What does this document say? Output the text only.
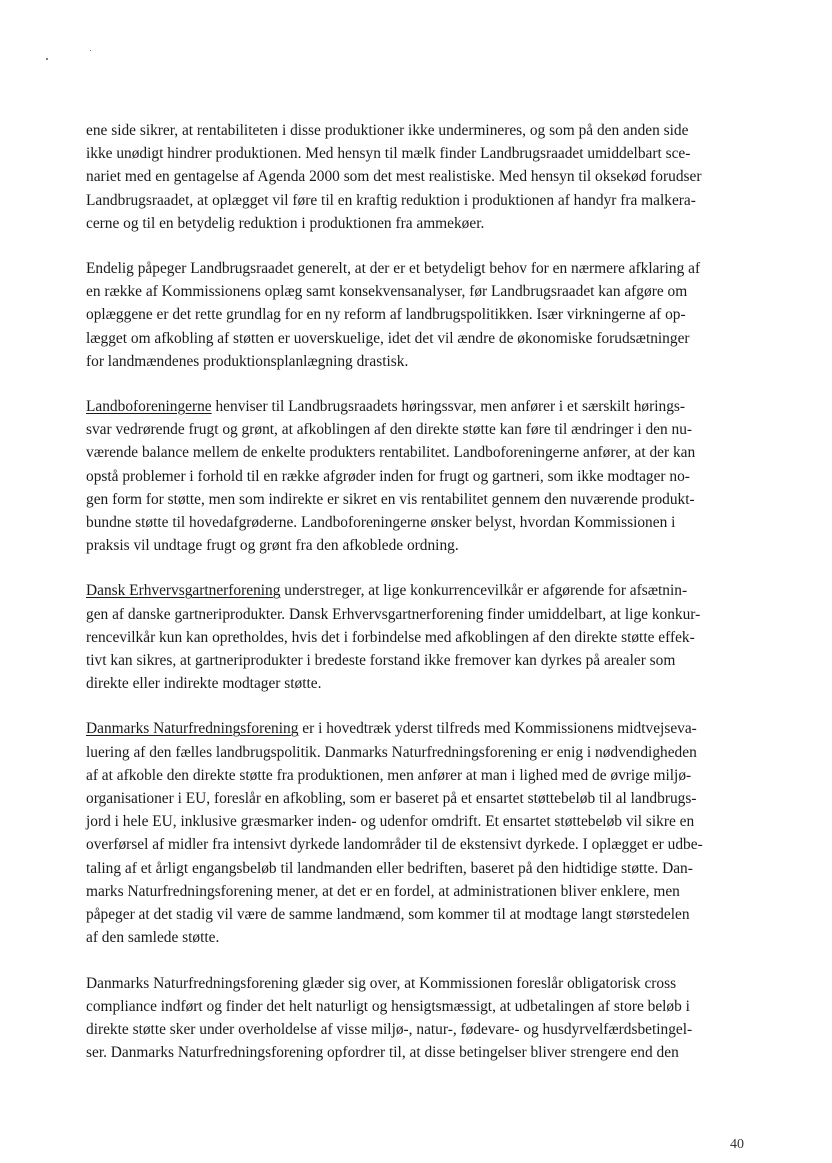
ene side sikrer, at rentabiliteten i disse produktioner ikke undermineres, og som på den anden side
ikke unødigt hindrer produktionen. Med hensyn til mælk finder Landbrugsraadet umiddelbart sce-
nariet med en gentagelse af Agenda 2000 som det mest realistiske. Med hensyn til oksekød forudser
Landbrugsraadet, at oplægget vil føre til en kraftig reduktion i produktionen af handyr fra malkera-
cerne og til en betydelig reduktion i produktionen fra ammekøer.

Endelig påpeger Landbrugsraadet generelt, at der er et betydeligt behov for en nærmere afklaring af
en række af Kommissionens oplæg samt konsekvensanalyser, før Landbrugsraadet kan afgøre om
oplæggene er det rette grundlag for en ny reform af landbrugspolitikken. Især virkningerne af op-
lægget om afkobling af støtten er uoverskuelige, idet det vil ændre de økonomiske forudsætninger
for landmændenes produktionsplanlægning drastisk.

Landboforeningerne henviser til Landbrugsraadets høringssvar, men anfører i et særskilt hørings-
svar vedrørende frugt og grønt, at afkoblingen af den direkte støtte kan føre til ændringer i den nu-
værende balance mellem de enkelte produkters rentabilitet. Landboforeningerne anfører, at der kan
opstå problemer i forhold til en række afgrøder inden for frugt og gartneri, som ikke modtager no-
gen form for støtte, men som indirekte er sikret en vis rentabilitet gennem den nuværende produkt-
bundne støtte til hovedafgrøderne. Landboforeningerne ønsker belyst, hvordan Kommissionen i
praksis vil undtage frugt og grønt fra den afkoblede ordning.

Dansk Erhvervsgartnerforening understreger, at lige konkurrencevilkår er afgørende for afsætnin-
gen af danske gartneriprodukter. Dansk Erhvervsgartnerforening finder umiddelbart, at lige konkur-
rencevilkår kun kan opretholdes, hvis det i forbindelse med afkoblingen af den direkte støtte effek-
tivt kan sikres, at gartneriprodukter i bredeste forstand ikke fremover kan dyrkes på arealer som
direkte eller indirekte modtager støtte.

Danmarks Naturfredningsforening er i hovedtræk yderst tilfreds med Kommissionens midtvejseva-
luering af den fælles landbrugspolitik. Danmarks Naturfredningsforening er enig i nødvendigheden
af at afkoble den direkte støtte fra produktionen, men anfører at man i lighed med de øvrige miljø-
organisationer i EU, foreslår en afkobling, som er baseret på et ensartet støttebeløb til al landbrugs-
jord i hele EU, inklusive græsmarker inden- og udenfor omdrift. Et ensartet støttebeløb vil sikre en
overførsel af midler fra intensivt dyrkede landområder til de ekstensivt dyrkede. I oplægget er udbe-
taling af et årligt engangsbeløb til landmanden eller bedriften, baseret på den hidtidige støtte. Dan-
marks Naturfredningsforening mener, at det er en fordel, at administrationen bliver enklere, men
påpeger at det stadig vil være de samme landmænd, som kommer til at modtage langt størstedelen
af den samlede støtte.

Danmarks Naturfredningsforening glæder sig over, at Kommissionen foreslår obligatorisk cross
compliance indført og finder det helt naturligt og hensigtsmæssigt, at udbetalingen af store beløb i
direkte støtte sker under overholdelse af visse miljø-, natur-, fødevare- og husdyrvelfærdsbetingel-
ser. Danmarks Naturfredningsforening opfordrer til, at disse betingelser bliver strengere end den

40
